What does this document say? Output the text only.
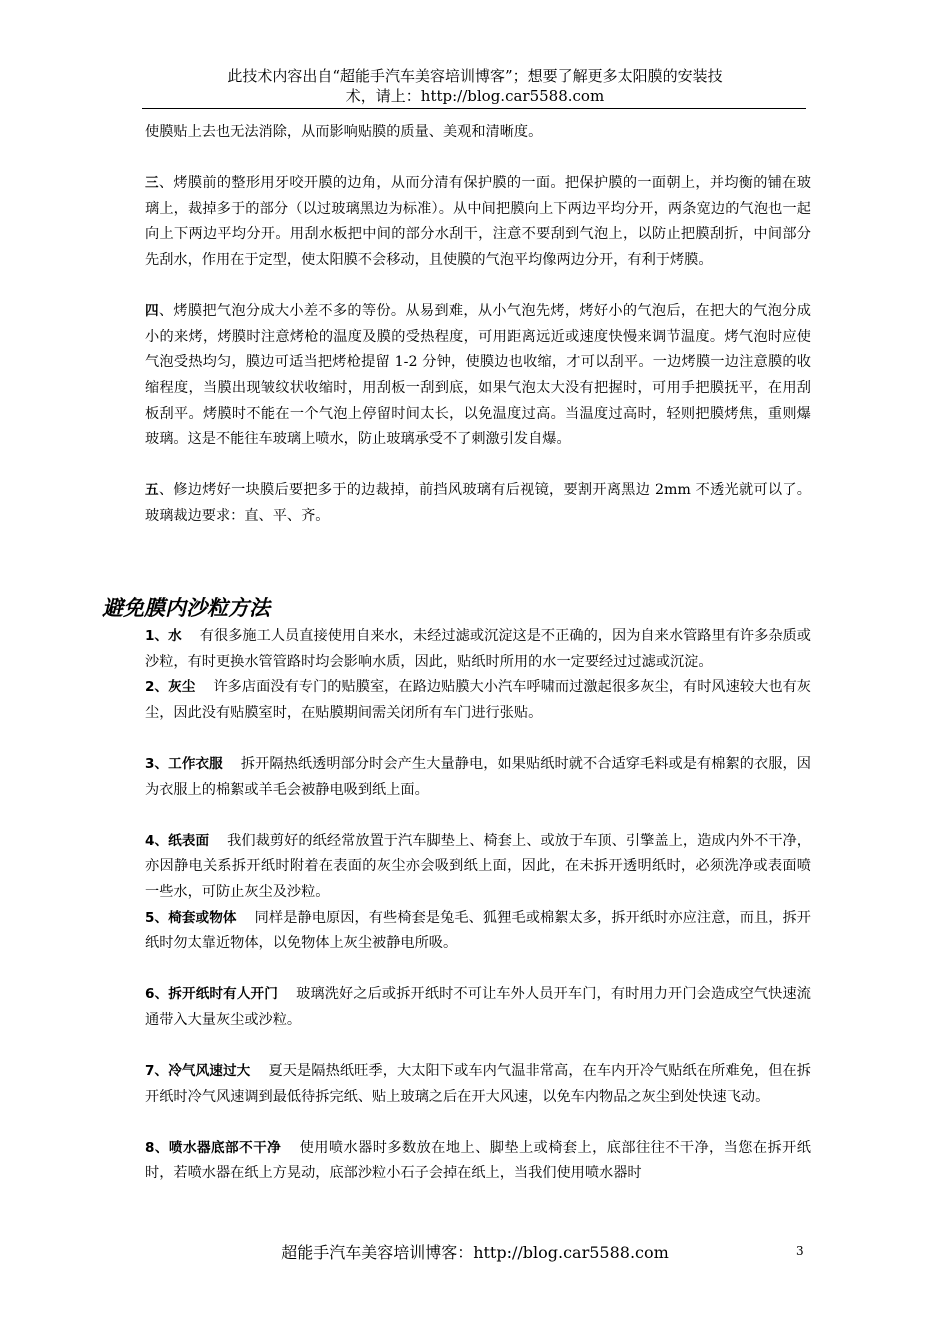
此技术内容出自“超能手汽车美容培训博客”；想要了解更多太阳膜的安装技
术，请上：http://blog.car5588.com

使膜贴上去也无法消除，从而影响贴膜的质量、美观和清晰度。

三、烤膜前的整形用牙咬开膜的边角，从而分清有保护膜的一面。把保护膜的一面朝上，并均衡的铺在玻璃上，裁掉多于的部分（以过玻璃黑边为标准）。从中间把膜向上下两边平均分开，两条宽边的气泡也一起向上下两边平均分开。用刮水板把中间的部分水刮干，注意不要刮到气泡上，以防止把膜刮折，中间部分先刮水，作用在于定型，使太阳膜不会移动，且使膜的气泡平均像两边分开，有利于烤膜。

四、烤膜把气泡分成大小差不多的等份。从易到难，从小气泡先烤，烤好小的气泡后，在把大的气泡分成小的来烤，烤膜时注意烤枪的温度及膜的受热程度，可用距离远近或速度快慢来调节温度。烤气泡时应使气泡受热均匀，膜边可适当把烤枪提留 1-2 分钟，使膜边也收缩，才可以刮平。一边烤膜一边注意膜的收缩程度，当膜出现皱纹状收缩时，用刮板一刮到底，如果气泡太大没有把握时，可用手把膜抚平，在用刮板刮平。烤膜时不能在一个气泡上停留时间太长，以免温度过高。当温度过高时，轻则把膜烤焦，重则爆玻璃。这是不能往车玻璃上喷水，防止玻璃承受不了刺激引发自爆。

五、修边烤好一块膜后要把多于的边裁掉，前挡风玻璃有后视镜，要割开离黑边 2mm 不透光就可以了。玻璃裁边要求：直、平、齐。

避免膜内沙粒方法

1、水 有很多施工人员直接使用自来水，未经过滤或沉淀这是不正确的，因为自来水管路里有许多杂质或沙粒，有时更换水管管路时均会影响水质，因此，贴纸时所用的水一定要经过过滤或沉淀。

2、灰尘 许多店面没有专门的贴膜室，在路边贴膜大小汽车呼啸而过激起很多灰尘，有时风速较大也有灰尘，因此没有贴膜室时，在贴膜期间需关闭所有车门进行张贴。

3、工作衣服 拆开隔热纸透明部分时会产生大量静电，如果贴纸时就不合适穿毛料或是有棉絮的衣服，因为衣服上的棉絮或羊毛会被静电吸到纸上面。

4、纸表面 我们裁剪好的纸经常放置于汽车脚垫上、椅套上、或放于车顶、引擎盖上，造成内外不干净，亦因静电关系拆开纸时附着在表面的灰尘亦会吸到纸上面，因此，在未拆开透明纸时，必须洗净或表面喷一些水，可防止灰尘及沙粒。

5、椅套或物体 同样是静电原因，有些椅套是兔毛、狐狸毛或棉絮太多，拆开纸时亦应注意，而且，拆开纸时勿太靠近物体，以免物体上灰尘被静电所吸。

6、拆开纸时有人开门 玻璃洗好之后或拆开纸时不可让车外人员开车门，有时用力开门会造成空气快速流通带入大量灰尘或沙粒。

7、冷气风速过大 夏天是隔热纸旺季，大太阳下或车内气温非常高，在车内开冷气贴纸在所难免，但在拆开纸时冷气风速调到最低待拆完纸、贴上玻璃之后在开大风速，以免车内物品之灰尘到处快速飞动。

8、喷水器底部不干净 使用喷水器时多数放在地上、脚垫上或椅套上，底部往往不干净，当您在拆开纸时，若喷水器在纸上方晃动，底部沙粒小石子会掉在纸上，当我们使用喷水器时

超能手汽车美容培训博客：http://blog.car5588.com	3
